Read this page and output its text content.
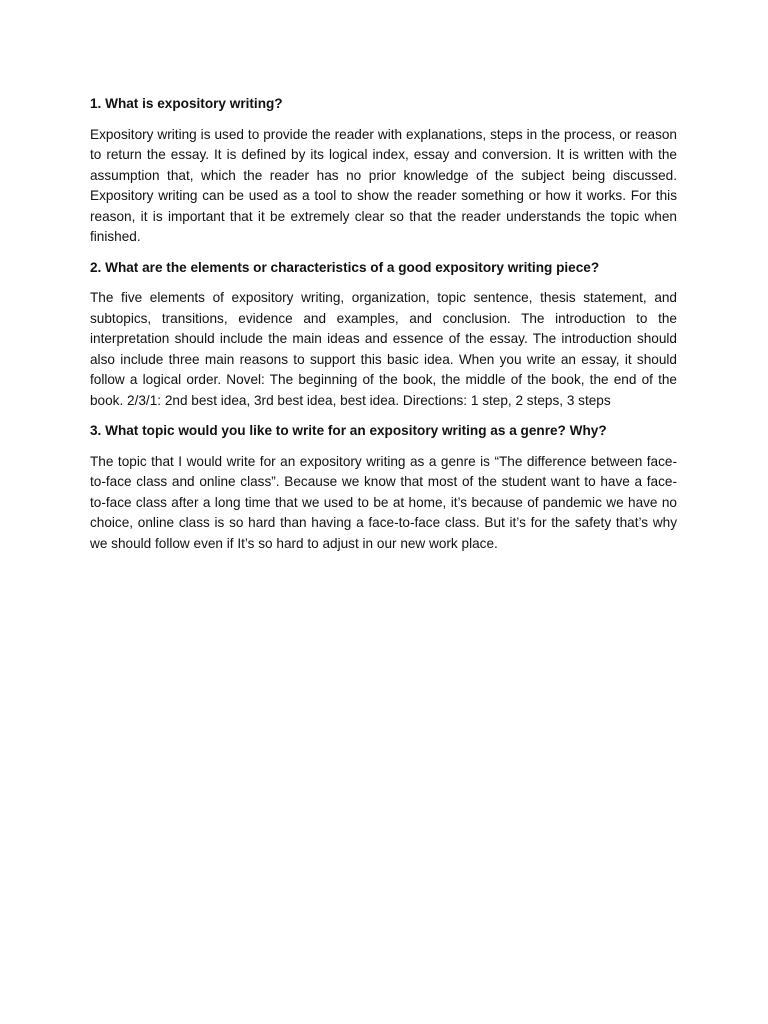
1. What is expository writing?

Expository writing is used to provide the reader with explanations, steps in the process, or reason to return the essay. It is defined by its logical index, essay and conversion. It is written with the assumption that, which the reader has no prior knowledge of the subject being discussed. Expository writing can be used as a tool to show the reader something or how it works. For this reason, it is important that it be extremely clear so that the reader understands the topic when finished.

2. What are the elements or characteristics of a good expository writing piece?

The five elements of expository writing, organization, topic sentence, thesis statement, and subtopics, transitions, evidence and examples, and conclusion. The introduction to the interpretation should include the main ideas and essence of the essay. The introduction should also include three main reasons to support this basic idea. When you write an essay, it should follow a logical order. Novel: The beginning of the book, the middle of the book, the end of the book. 2/3/1: 2nd best idea, 3rd best idea, best idea. Directions: 1 step, 2 steps, 3 steps

3. What topic would you like to write for an expository writing as a genre? Why?

The topic that I would write for an expository writing as a genre is “The difference between face-to-face class and online class”. Because we know that most of the student want to have a face-to-face class after a long time that we used to be at home, it’s because of pandemic we have no choice, online class is so hard than having a face-to-face class. But it’s for the safety that’s why we should follow even if It’s so hard to adjust in our new work place.
